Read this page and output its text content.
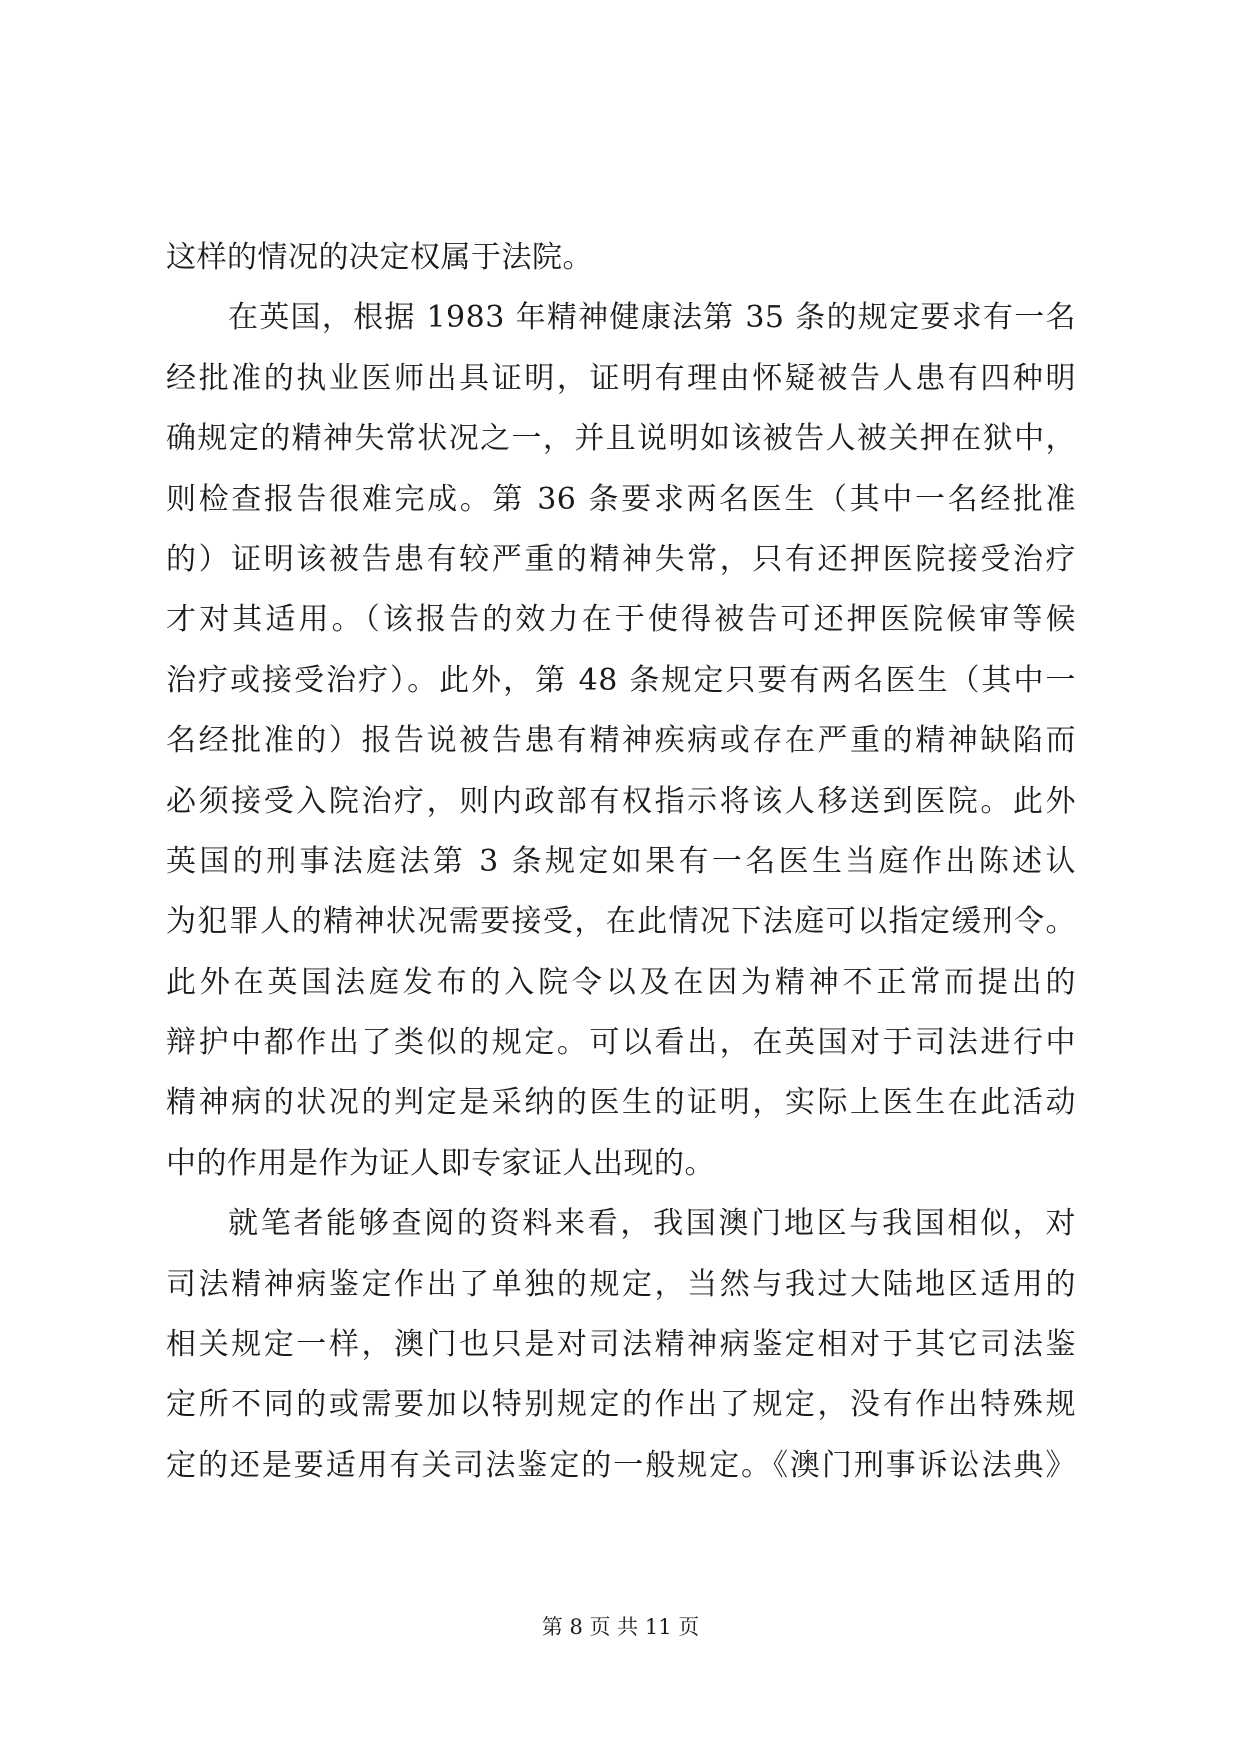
这样的情况的决定权属于法院。
在英国，根据 1983 年精神健康法第 35 条的规定要求有一名
经批准的执业医师出具证明，证明有理由怀疑被告人患有四种明
确规定的精神失常状况之一，并且说明如该被告人被关押在狱中，
则检查报告很难完成。第 36 条要求两名医生（其中一名经批准
的）证明该被告患有较严重的精神失常，只有还押医院接受治疗
才对其适用。（该报告的效力在于使得被告可还押医院候审等候
治疗或接受治疗）。此外，第 48 条规定只要有两名医生（其中一
名经批准的）报告说被告患有精神疾病或存在严重的精神缺陷而
必须接受入院治疗，则内政部有权指示将该人移送到医院。此外
英国的刑事法庭法第 3 条规定如果有一名医生当庭作出陈述认
为犯罪人的精神状况需要接受，在此情况下法庭可以指定缓刑令。
此外在英国法庭发布的入院令以及在因为精神不正常而提出的
辩护中都作出了类似的规定。可以看出，在英国对于司法进行中
精神病的状况的判定是采纳的医生的证明，实际上医生在此活动
中的作用是作为证人即专家证人出现的。
就笔者能够查阅的资料来看，我国澳门地区与我国相似，对
司法精神病鉴定作出了单独的规定，当然与我过大陆地区适用的
相关规定一样，澳门也只是对司法精神病鉴定相对于其它司法鉴
定所不同的或需要加以特别规定的作出了规定，没有作出特殊规
定的还是要适用有关司法鉴定的一般规定。《澳门刑事诉讼法典》
第 8 页 共 11 页
